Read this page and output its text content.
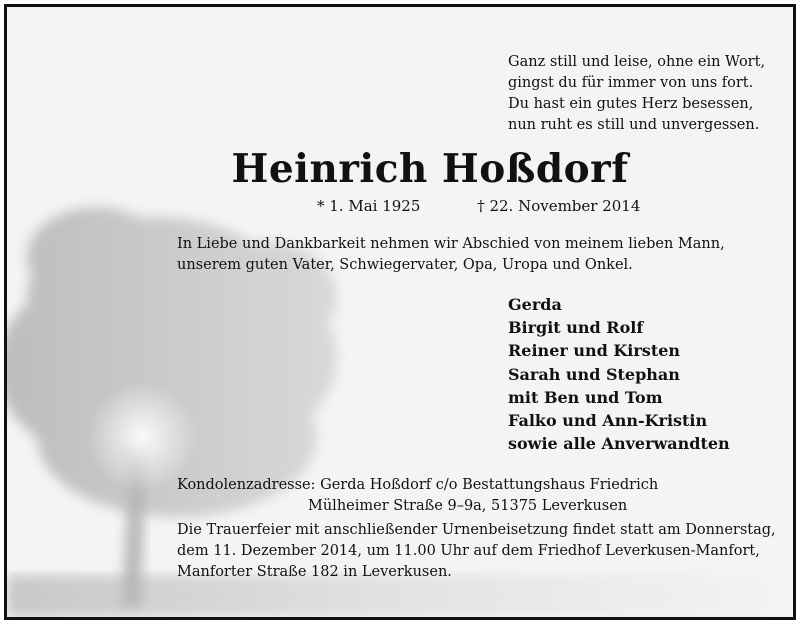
Ganz still und leise, ohne ein Wort,
gingst du für immer von uns fort.
Du hast ein gutes Herz besessen,
nun ruht es still und unvergessen.
Heinrich Hoßdorf
* 1. Mai 1925	† 22. November 2014
In Liebe und Dankbarkeit nehmen wir Abschied von meinem lieben Mann, unserem guten Vater, Schwiegervater, Opa, Uropa und Onkel.
Gerda
Birgit und Rolf
Reiner und Kirsten
Sarah und Stephan
mit Ben und Tom
Falko und Ann-Kristin
sowie alle Anverwandten
Kondolenzadresse: Gerda Hoßdorf c/o Bestattungshaus Friedrich
Mülheimer Straße 9–9a, 51375 Leverkusen
Die Trauerfeier mit anschließender Urnenbeisetzung findet statt am Donnerstag, dem 11. Dezember 2014, um 11.00 Uhr auf dem Friedhof Leverkusen-Manfort, Manforter Straße 182 in Leverkusen.
